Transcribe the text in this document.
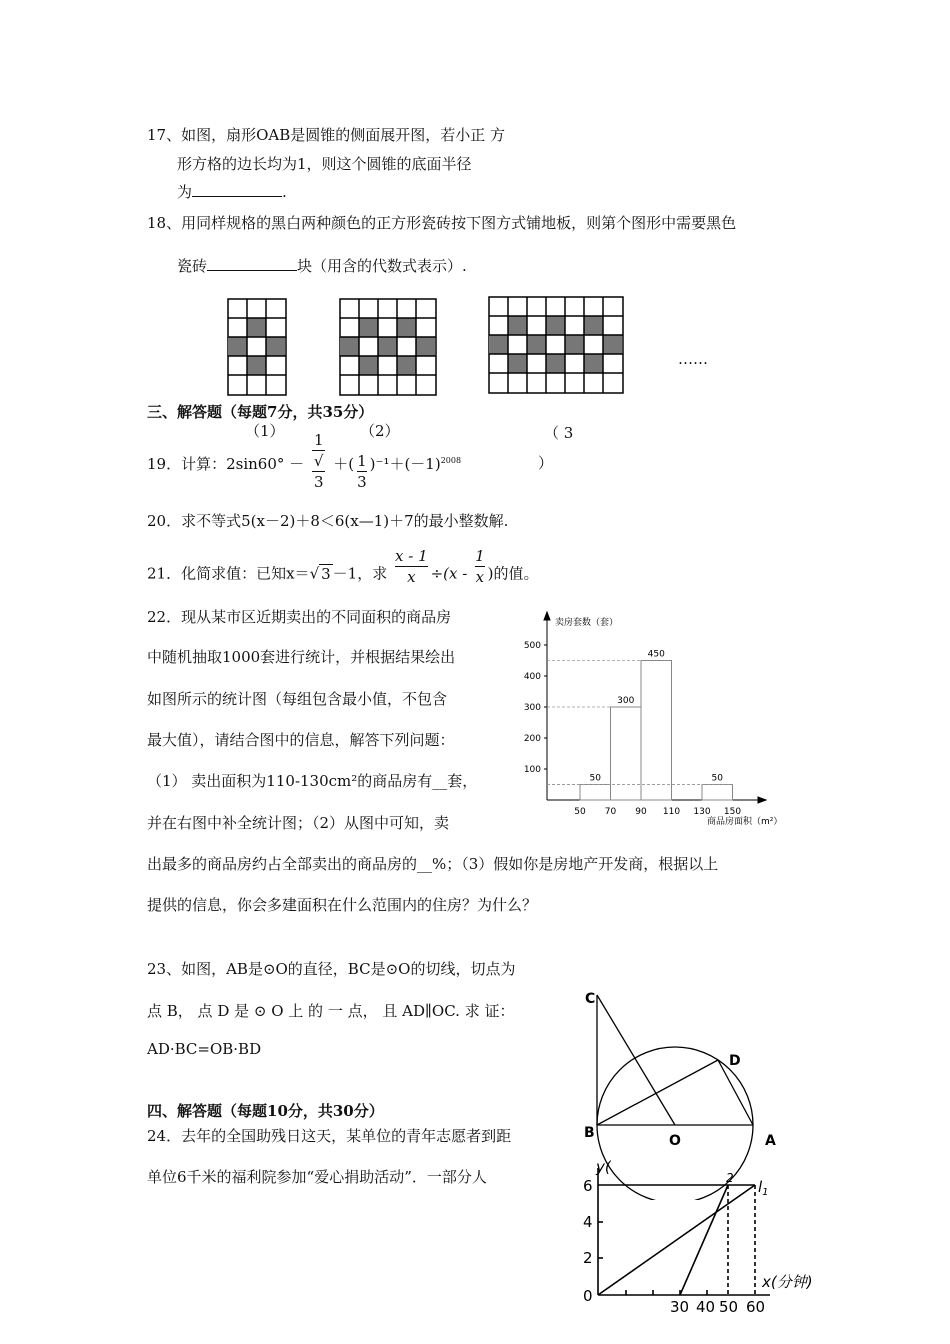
17、如图，扇形OAB是圆锥的侧面展开图，若小正 方
形方格的边长均为1，则这个圆锥的底面半径
为	.
18、用同样规格的黑白两种颜色的正方形瓷砖按下图方式铺地板，则第个图形中需要黑色
瓷砖	块（用含的代数式表示）.
……
三、解答题（每题7分，共35分）
（1）	（2）	（ 3
）
19．计算：2sin60° － 1
√
3 ＋( $\frac{1}{3} )^{-1}+(-1)^{2008}$
20．求不等式5(x－2)＋8＜6(x—1)＋7的最小整数解.
21．化简求值：已知x＝√ 3 －1，求 $\frac{x - 1}{x} \div(x - \frac{1}{x}$ )的值。
22．现从某市区近期卖出的不同面积的商品房
中随机抽取1000套进行统计，并根据结果绘出
如图所示的统计图（每组包含最小值，不包含
最大值），请结合图中的信息，解答下列问题：
（1） 卖出面积为110-130cm²的商品房有__套，
并在右图中补全统计图；（2）从图中可知，卖
出最多的商品房约占全部卖出的商品房的__%；（3）假如你是房地产开发商，根据以上
提供的信息，你会多建面积在什么范围内的住房？为什么？
卖房套数（套）
商品房面积（m²）
100
200
300
400
500
50 70 90 110 130 150
50
300
450
50
23、如图，AB是⊙O的直径，BC是⊙O的切线，切点为
点 B， 点 D 是 ⊙ O 上 的 一 点， 且 AD∥OC. 求 证：
AD·BC=OB·BD
C
D
B	O	A
四、解答题（每题10分，共30分）
24．去年的全国助残日这天，某单位的青年志愿者到距
单位6千米的福利院参加“爱心捐助活动”．一部分人
y(
6
4
2
0
30 40 50 60
x(分钟)
$l_1$
2
